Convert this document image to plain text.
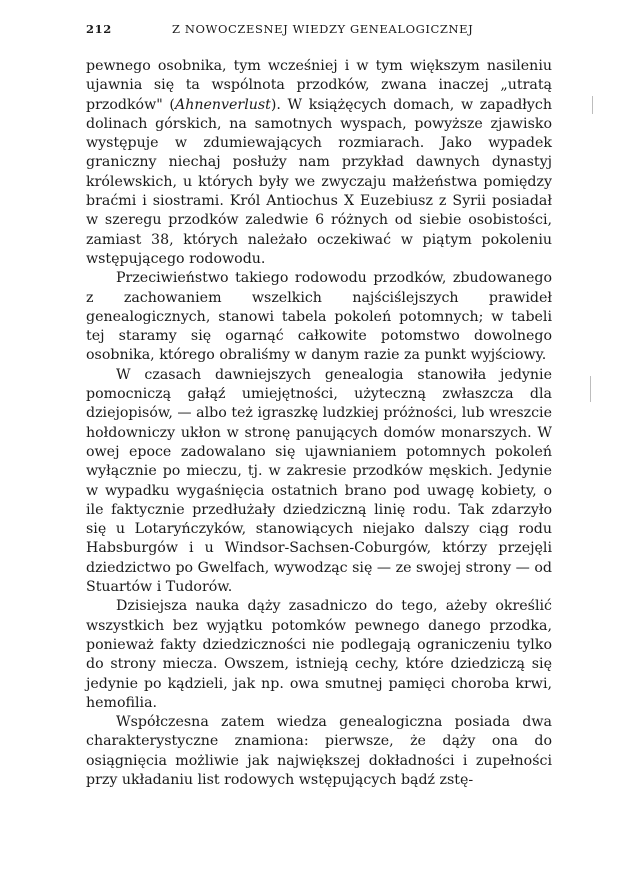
212	Z NOWOCZESNEJ WIEDZY GENEALOGICZNEJ

pewnego osobnika, tym wcześniej i w tym większym nasileniu ujawnia się ta wspólnota przodków, zwana inaczej „utratą przodków" (Ahnenverlust). W książęcych domach, w zapadłych dolinach górskich, na samotnych wyspach, powyższe zjawisko występuje w zdumiewających rozmiarach. Jako wypadek graniczny niechaj posłuży nam przykład dawnych dynastyj królewskich, u których były we zwyczaju małżeństwa pomiędzy braćmi i siostrami. Król Antiochus X Euzebiusz z Syrii posiadał w szeregu przodków zaledwie 6 różnych od siebie osobistości, zamiast 38, których należało oczekiwać w piątym pokoleniu wstępującego rodowodu.

Przeciwieństwo takiego rodowodu przodków, zbudowanego z zachowaniem wszelkich najściślejszych prawideł genealogicznych, stanowi tabela pokoleń potomnych; w tabeli tej staramy się ogarnąć całkowite potomstwo dowolnego osobnika, którego obraliśmy w danym razie za punkt wyjściowy.

W czasach dawniejszych genealogia stanowiła jedynie pomocniczą gałąź umiejętności, użyteczną zwłaszcza dla dziejopisów, — albo też igraszkę ludzkiej próżności, lub wreszcie hołdowniczy ukłon w stronę panujących domów monarszych. W owej epoce zadowalano się ujawnianiem potomnych pokoleń wyłącznie po mieczu, tj. w zakresie przodków męskich. Jedynie w wypadku wygaśnięcia ostatnich brano pod uwagę kobiety, o ile faktycznie przedłużały dziedziczną linię rodu. Tak zdarzyło się u Lotaryńczyków, stanowiących niejako dalszy ciąg rodu Habsburgów i u Windsor-Sachsen-Coburgów, którzy przejęli dziedzictwo po Gwelfach, wywodząc się — ze swojej strony — od Stuartów i Tudorów.

Dzisiejsza nauka dąży zasadniczo do tego, ażeby określić wszystkich bez wyjątku potomków pewnego danego przodka, ponieważ fakty dziedziczności nie podlegają ograniczeniu tylko do strony miecza. Owszem, istnieją cechy, które dziedziczą się jedynie po kądzieli, jak np. owa smutnej pamięci choroba krwi, hemofilia.

Współczesna zatem wiedza genealogiczna posiada dwa charakterystyczne znamiona: pierwsze, że dąży ona do osiągnięcia możliwie jak największej dokładności i zupełności przy układaniu list rodowych wstępujących bądź zstę-
